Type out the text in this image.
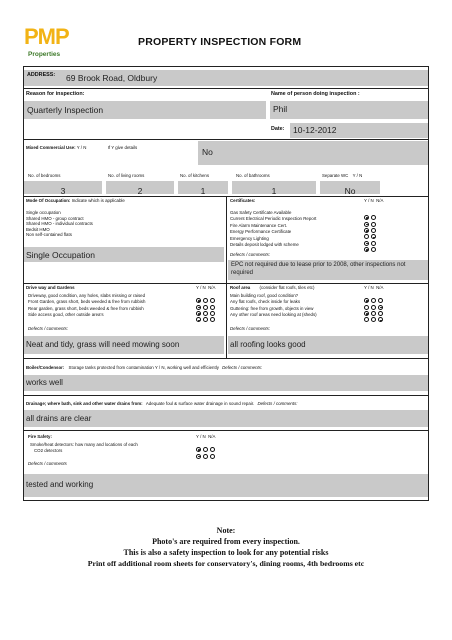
PMP
Properties
PROPERTY INSPECTION FORM
ADDRESS: 69 Brook Road, Oldbury
Reason for inspection:
Quarterly Inspection
Name of person doing inspection :
Phil
Date: 10-12-2012
Mixed Commercial Use: Y / N	If Y give details	No
No. of bedrooms	No. of living rooms	No. of kitchens	No. of bathrooms	Separate WC Y / N
3	2	1	1	No
Mode Of Occupation: Indicate which is applicable
Single occupation
Shared HMO - group contract
Shared HMO - individual contracts
Bedsit HMO
Non self-contained flats
Single Occupation
Certificates:	Y / N  N/A
Gas Safety Certificate Available
Current Electrical Periodic Inspection Report
Fire Alarm Maintenance Cert.
Energy Performance Certificate
Emergency Lighting
Details deposit lodged with scheme
Defects / comments:
EPC not required due to lease prior to 2008, other inspections not required
Drive way and Gardens	Y / N  N/A
Driveway, good condition, any holes, slabs missing or raised
Front Garden, grass short, beds weeded & free from rubbish
Rear garden, grass short, beds weeded & free from rubbish
Side access good, other outside area's
Defects / comments:
Neat and tidy, grass will need mowing soon
Roof area (consider flat roofs, tiles etc)	Y / N  N/A
Main building roof, good condition?
Any flat roofs, check inside for leaks
Guttering: free from growth, objects in view
Any other roof areas need looking at (sheds)
Defects / comments:
all roofing looks good
Boiler/Condensor: Storage tanks protected from contamination Y / N, working well and efficiently Defects / comments:
works well
Drainage; where bath, sink and other water drains from: Adequate foul & surface water drainage in sound repair. Defects / comments:
all drains are clear
Fire Safety:	Y / N  N/A
Smoke/heat detectors: how many and locations of each
CO2 detectors
Defects / comments
tested and working
Note:
Photo's are required from every inspection.
This is also a safety inspection to look for any potential risks
Print off additional room sheets for conservatory's, dining rooms, 4th bedrooms etc
